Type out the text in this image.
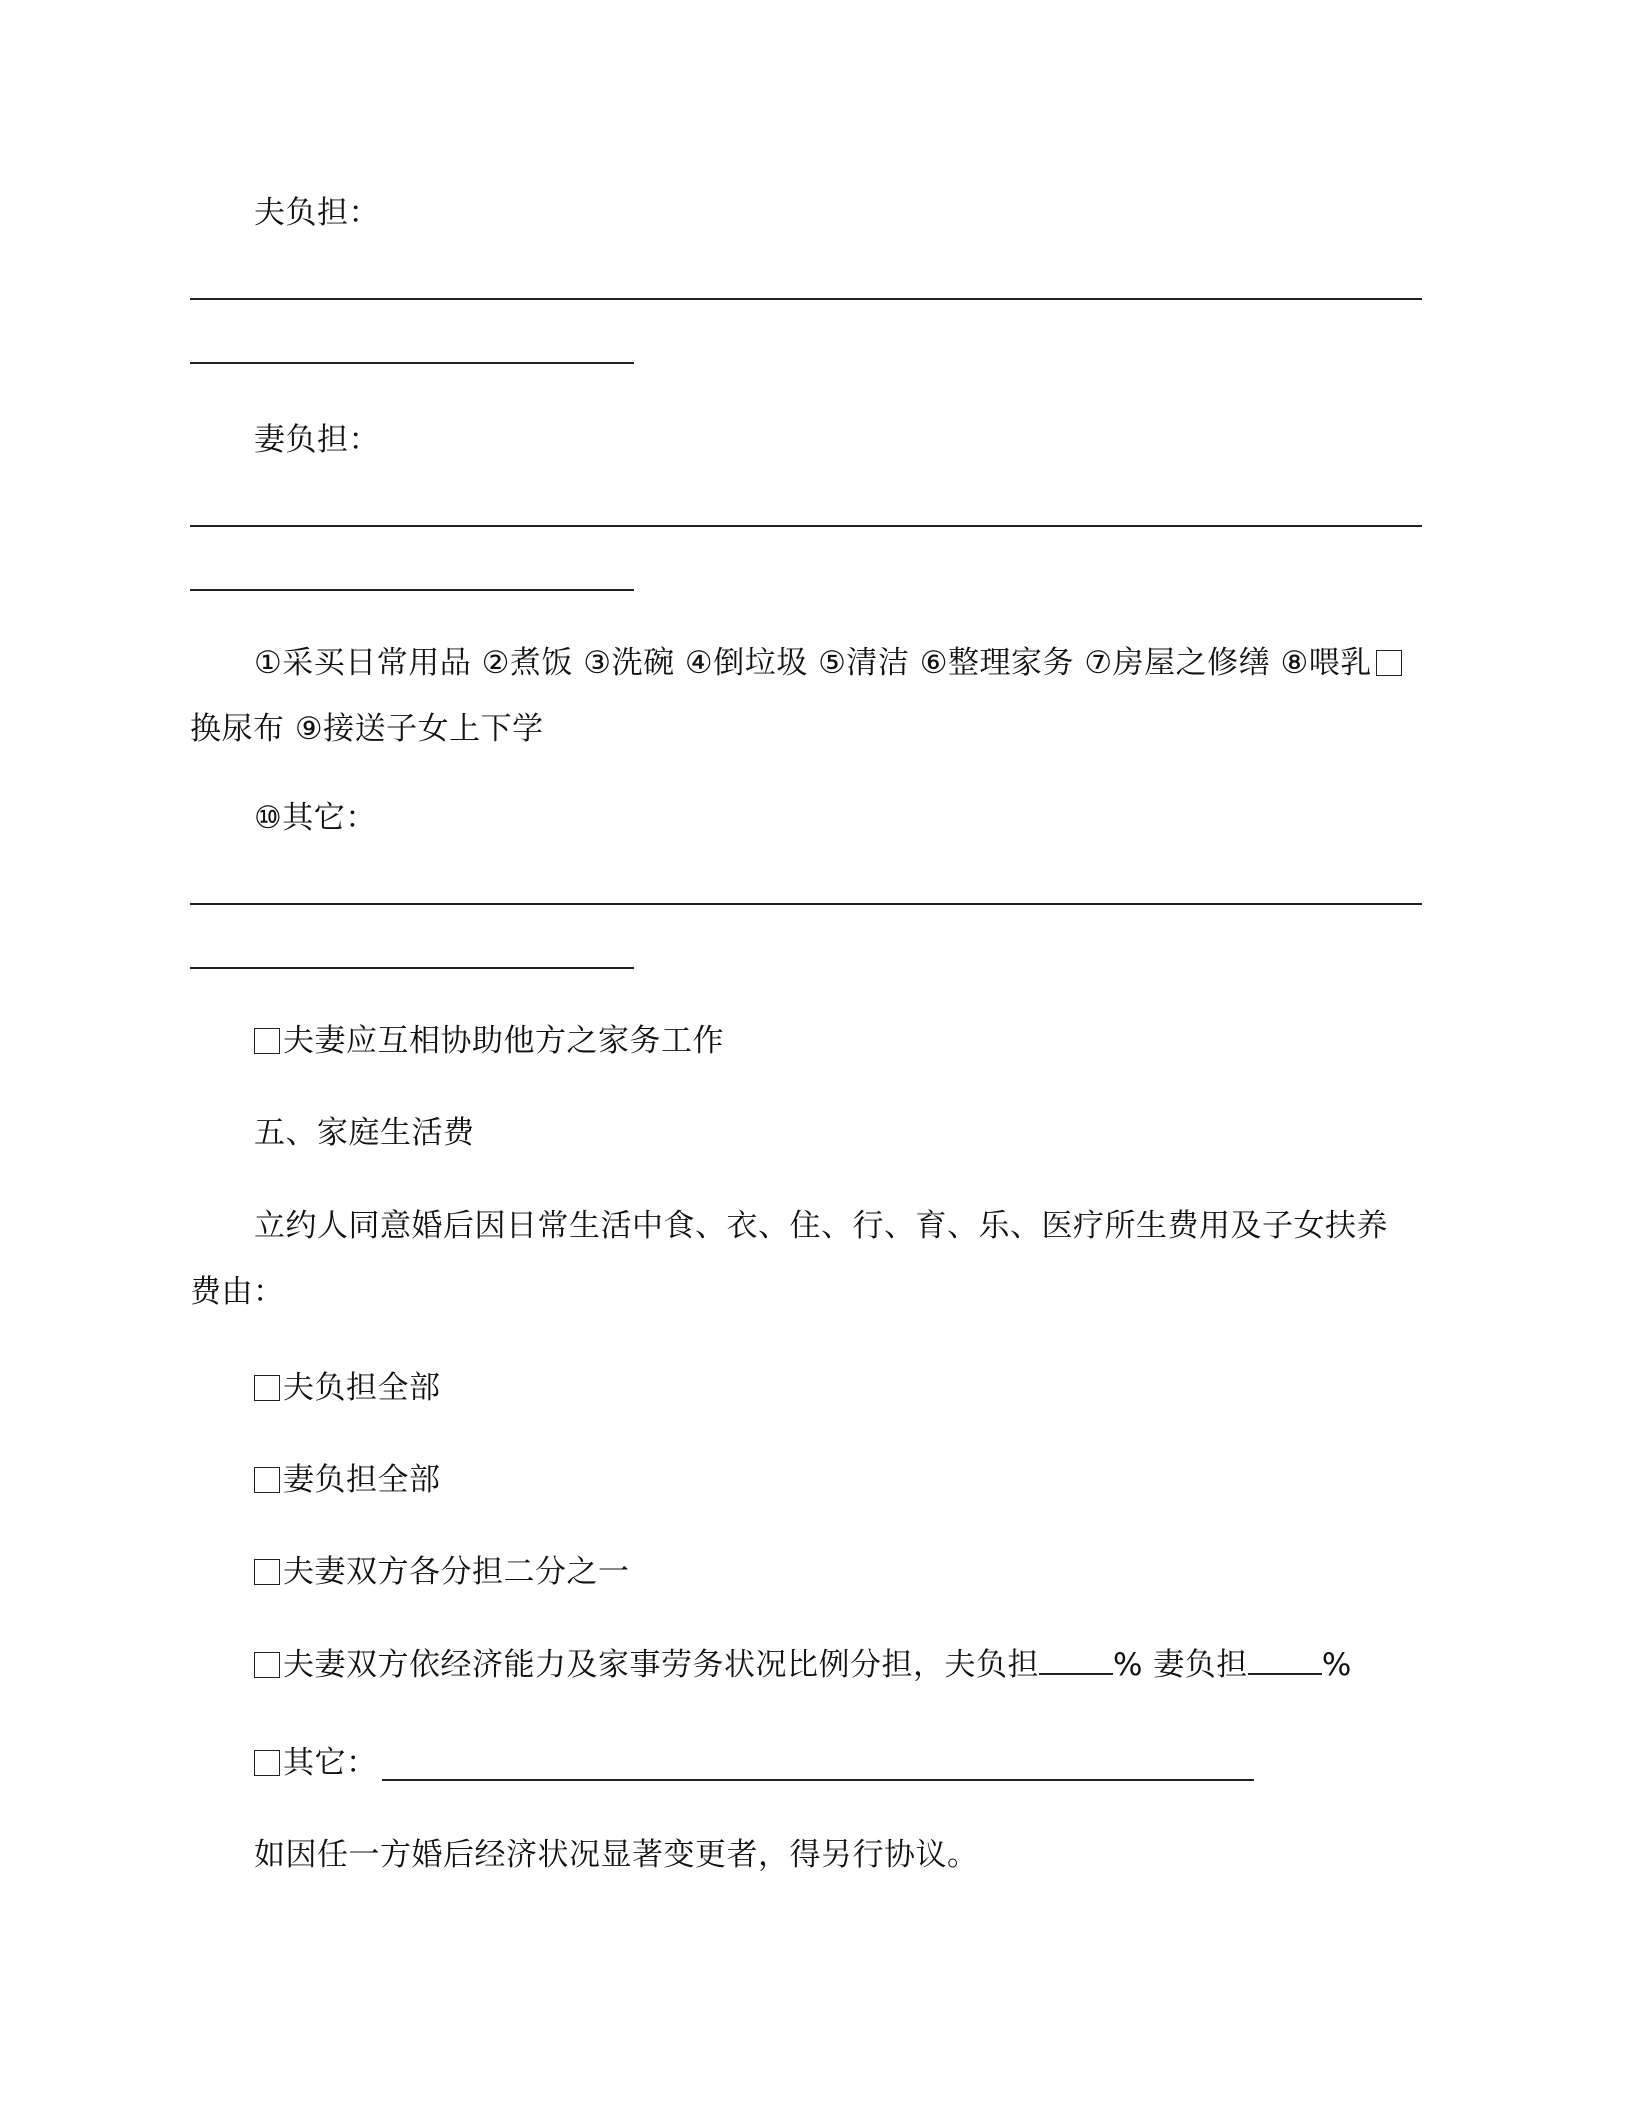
夫负担：
妻负担：
①采买日常用品 ②煮饭 ③洗碗 ④倒垃圾 ⑤清洁 ⑥整理家务 ⑦房屋之修缮 ⑧喂乳
换尿布 ⑨接送子女上下学
⑩其它：
夫妻应互相协助他方之家务工作
五、家庭生活费
立约人同意婚后因日常生活中食、衣、住、行、育、乐、医疗所生费用及子女扶养
费由：
夫负担全部
妻负担全部
夫妻双方各分担二分之一
夫妻双方依经济能力及家事劳务状况比例分担，夫负担 % 妻负担 %
其它：
如因任一方婚后经济状况显著变更者，得另行协议。
